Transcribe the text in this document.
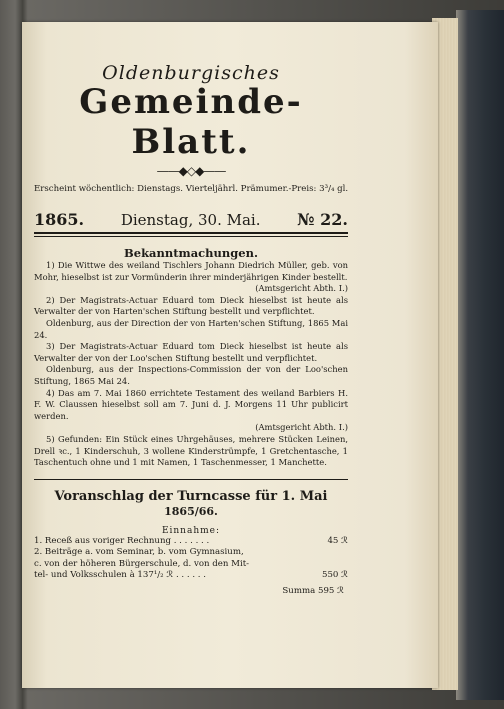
Oldenburgisches
Gemeinde-Blatt.
——◆◇◆——
Erscheint wöchentlich: Dienstags. Vierteljährl. Prämumer.-Preis: 3³/₄ gl.
1865. Dienstag, 30. Mai. № 22.
Bekanntmachungen.

1) Die Wittwe des weiland Tischlers Johann Diedrich Müller, geb. von Mohr, hieselbst ist zur Vormünderin ihrer minderjährigen Kinder bestellt.

(Amtsgericht Abth. I.)

2) Der Magistrats-Actuar Eduard tom Dieck hieselbst ist heute als Verwalter der von Harten'schen Stiftung bestellt und verpflichtet.

Oldenburg, aus der Direction der von Harten'schen Stiftung, 1865 Mai 24.

3) Der Magistrats-Actuar Eduard tom Dieck hieselbst ist heute als Verwalter der von der Loo'schen Stiftung bestellt und verpflichtet.

Oldenburg, aus der Inspections-Commission der von der Loo'schen Stiftung, 1865 Mai 24.

4) Das am 7. Mai 1860 errichtete Testament des weiland Barbiers H. F. W. Claussen hieselbst soll am 7. Juni d. J. Morgens 11 Uhr publicirt werden.

(Amtsgericht Abth. I.)

5) Gefunden: Ein Stück eines Uhrgehäuses, mehrere Stücken Leinen, Drell ꝛc., 1 Kinderschuh, 3 wollene Kinderstrümpfe, 1 Gretchentasche, 1 Taschentuch ohne und 1 mit Namen, 1 Taschenmesser, 1 Manchette.

Voranschlag der Turncasse für 1. Mai
1865/66.
Einnahme:
1. Receß aus voriger Rechnung . . . . . . .	45 ℛ
2. Beiträge a. vom Seminar, b. vom Gymnasium,
c. von der höheren Bürgerschule, d. von den Mit-
tel- und Volksschulen à 137¹/₂ ℛ . . . . . .	550 ℛ
Summa 595 ℛ
